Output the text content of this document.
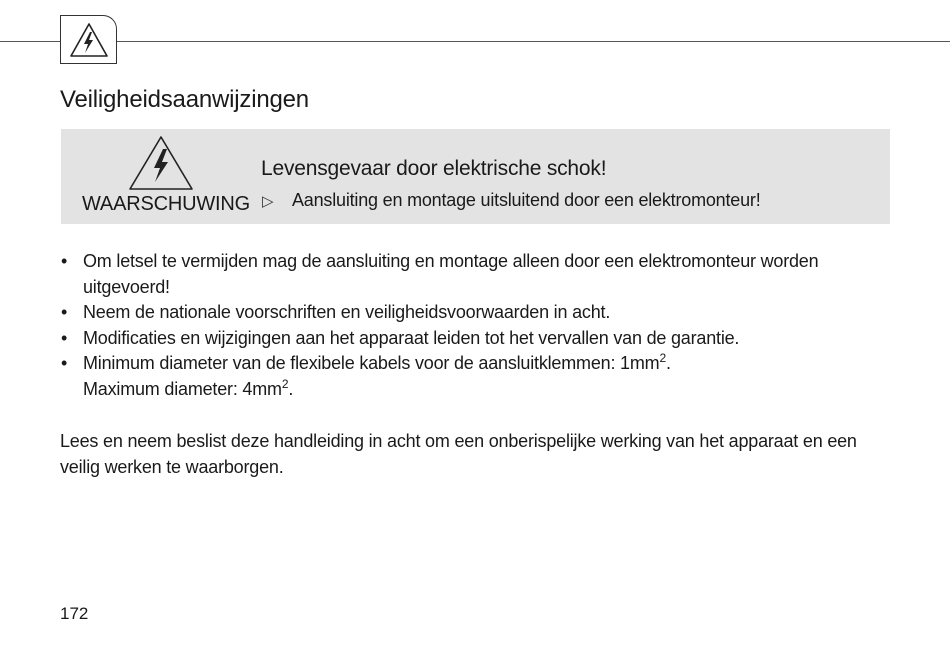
Veiligheidsaanwijzingen
WAARSCHUWING
Levensgevaar door elektrische schok!
▷ Aansluiting en montage uitsluitend door een elektromonteur!
• Om letsel te vermijden mag de aansluiting en montage alleen door een elektromonteur worden uitgevoerd!
• Neem de nationale voorschriften en veiligheidsvoorwaarden in acht.
• Modificaties en wijzigingen aan het apparaat leiden tot het vervallen van de garantie.
• Minimum diameter van de flexibele kabels voor de aansluitklemmen: $1mm^2$.
Maximum diameter: $4mm^2$.

Lees en neem beslist deze handleiding in acht om een onberispelijke werking van het apparaat en een veilig werken te waarborgen.

172
